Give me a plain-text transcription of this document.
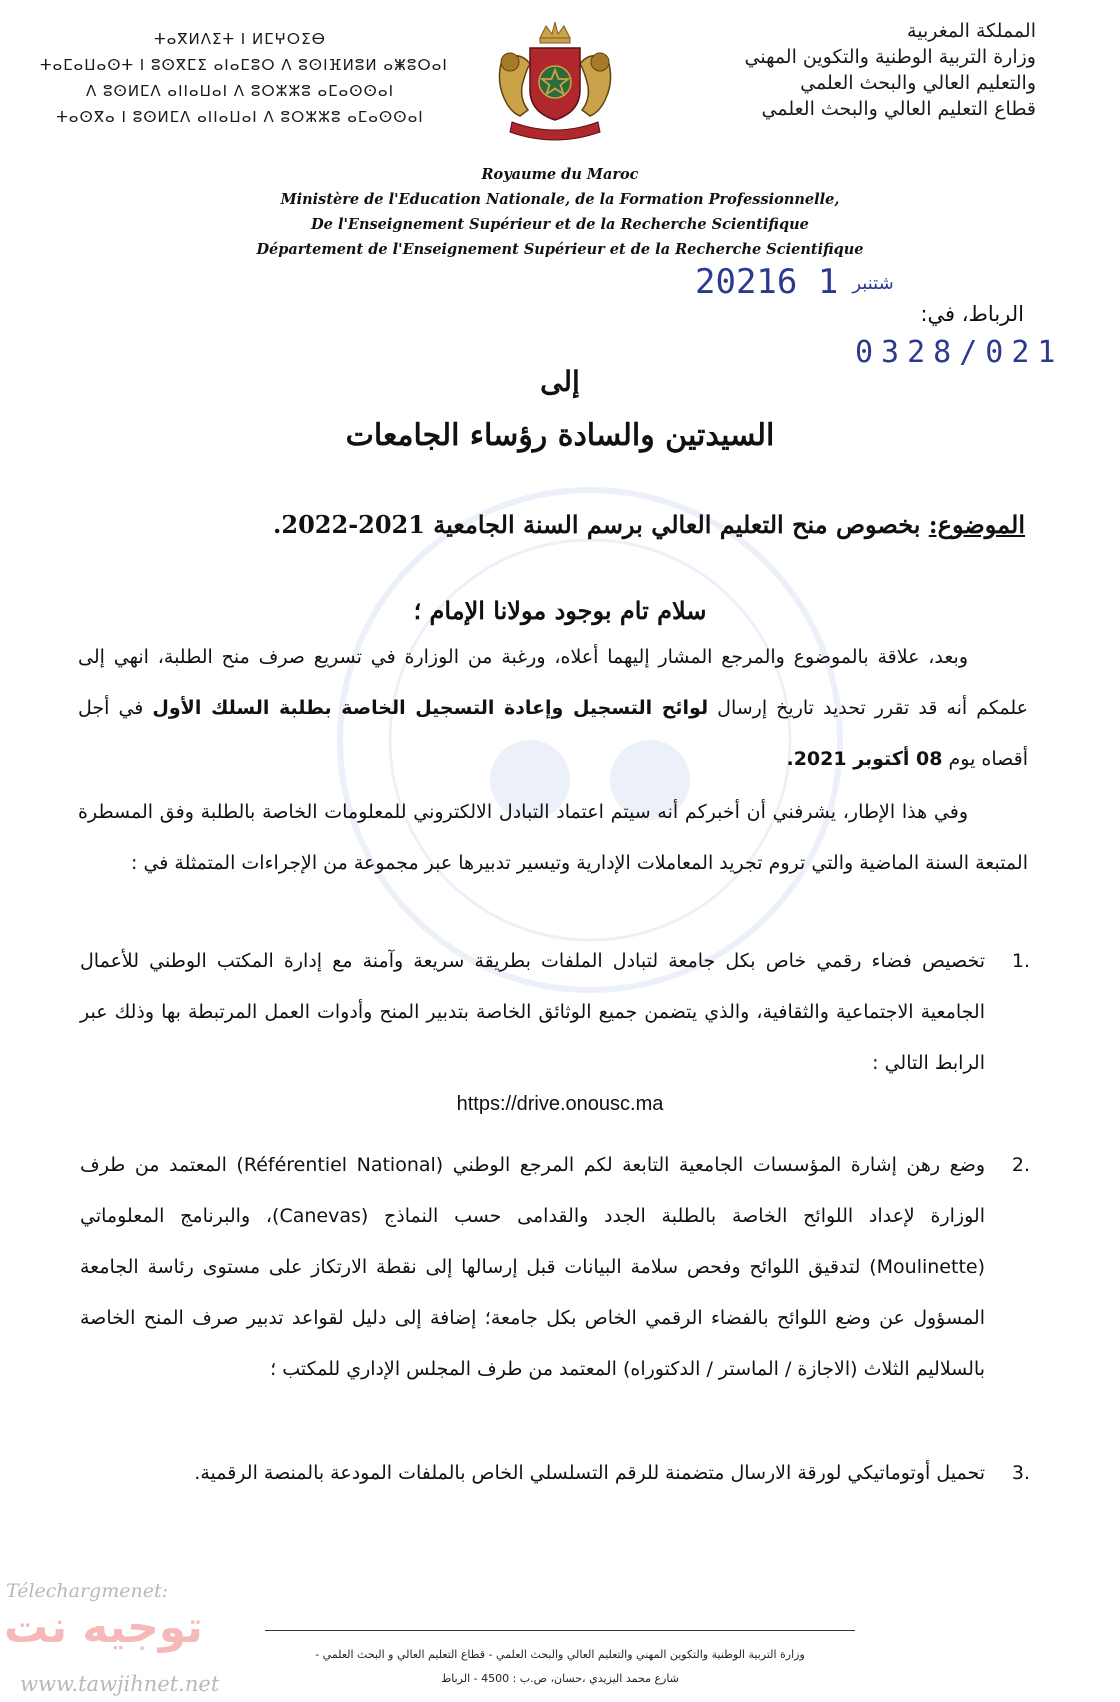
المملكة المغربية
وزارة التربية الوطنية والتكوين المهني
والتعليم العالي والبحث العلمي
قطاع التعليم العالي والبحث العلمي
ⵜⴰⴳⵍⴷⵉⵜ ⵏ ⵍⵎⵖⵔⵉⴱ
ⵜⴰⵎⴰⵡⴰⵙⵜ ⵏ ⵓⵙⴳⵎⵉ ⴰⵏⴰⵎⵓⵔ ⴷ ⵓⵙⵏⴼⵍⵓⵍ ⴰⵥⵓⵔⴰⵏ
ⴷ ⵓⵙⵍⵎⴷ ⴰⵏⵏⴰⵡⴰⵏ ⴷ ⵓⵔⵣⵣⵓ ⴰⵎⴰⵙⵙⴰⵏ
ⵜⴰⵙⴳⴰ ⵏ ⵓⵙⵍⵎⴷ ⴰⵏⵏⴰⵡⴰⵏ ⴷ ⵓⵔⵣⵣⵓ ⴰⵎⴰⵙⵙⴰⵏ
Royaume du Maroc
Ministère de l'Education Nationale, de la Formation Professionnelle,
De l'Enseignement Supérieur et de la Recherche Scientifique
Département de l'Enseignement Supérieur et de la Recherche Scientifique
2021	شتنبر1 6
الرباط، في:
0328/021
إلى
السيدتين والسادة رؤساء الجامعات
الموضوع: بخصوص منح التعليم العالي برسم السنة الجامعية 2021-2022.
سلام تام بوجود مولانا الإمام ؛
وبعد، علاقة بالموضوع والمرجع المشار إليهما أعلاه، ورغبة من الوزارة في تسريع صرف منح الطلبة، انهي إلى علمكم أنه قد تقرر تحديد تاريخ إرسال لوائح التسجيل وإعادة التسجيل الخاصة بطلبة السلك الأول في أجل أقصاه يوم 08 أكتوبر 2021.
وفي هذا الإطار، يشرفني أن أخبركم أنه سيتم اعتماد التبادل الالكتروني للمعلومات الخاصة بالطلبة وفق المسطرة المتبعة السنة الماضية والتي تروم تجريد المعاملات الإدارية وتيسير تدبيرها عبر مجموعة من الإجراءات المتمثلة في :
1.
تخصيص فضاء رقمي خاص بكل جامعة لتبادل الملفات بطريقة سريعة وآمنة مع إدارة المكتب الوطني للأعمال الجامعية الاجتماعية والثقافية، والذي يتضمن جميع الوثائق الخاصة بتدبير المنح وأدوات العمل المرتبطة بها وذلك عبر الرابط التالي :
https://drive.onousc.ma
2.
وضع رهن إشارة المؤسسات الجامعية التابعة لكم المرجع الوطني (Référentiel National) المعتمد من طرف الوزارة لإعداد اللوائح الخاصة بالطلبة الجدد والقدامى حسب النماذج (Canevas)، والبرنامج المعلوماتي (Moulinette) لتدقيق اللوائح وفحص سلامة البيانات قبل إرسالها إلى نقطة الارتكاز على مستوى رئاسة الجامعة المسؤول عن وضع اللوائح بالفضاء الرقمي الخاص بكل جامعة؛ إضافة إلى دليل لقواعد تدبير صرف المنح الخاصة بالسلاليم الثلاث (الاجازة / الماستر / الدكتوراه) المعتمد من طرف المجلس الإداري للمكتب ؛
3.
تحميل أوتوماتيكي لورقة الارسال متضمنة للرقم التسلسلي الخاص بالملفات المودعة بالمنصة الرقمية.
وزارة التربية الوطنية والتكوين المهني والتعليم العالي والبحث العلمي - قطاع التعليم العالي و البحث العلمي -
شارع محمد اليزيدي ،حسان، ص.ب : 4500 - الرباط
Télechargmenet:
توجيه نت
www.tawjihnet.net
